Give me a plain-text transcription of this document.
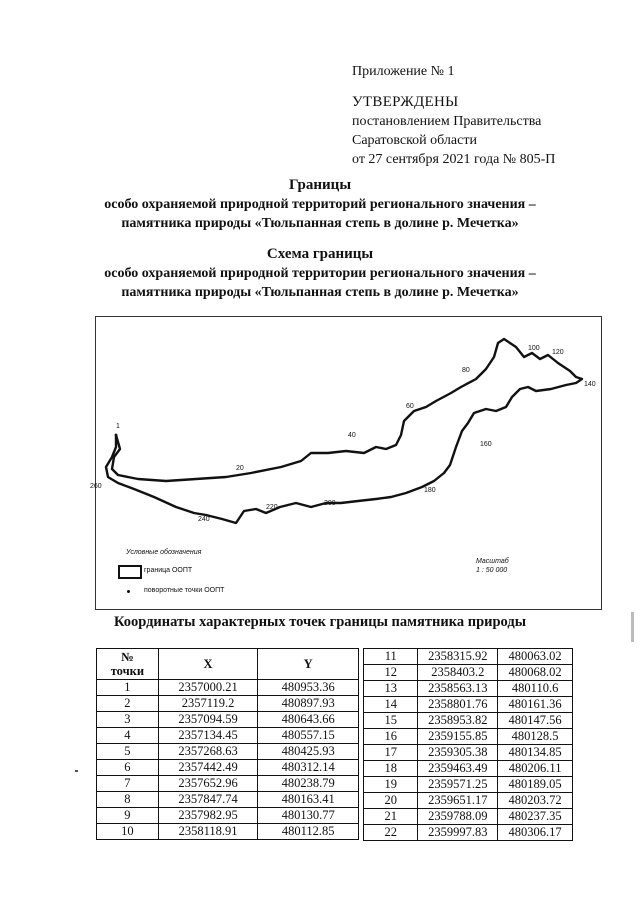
Приложение № 1
УТВЕРЖДЕНЫ
постановлением Правительства
Саратовской области
от 27 сентября 2021 года № 805-П
Границы
особо охраняемой природной территорий регионального значения –
памятника природы «Тюльпанная степь в долине р. Мечетка»
Схема границы
особо охраняемой природной территории регионального значения –
памятника природы «Тюльпанная степь в долине р. Мечетка»
1
20
40
60
80
100
120
140
160
180
200
220
240
260
Условные обозначения
граница ООПТ
поворотные точки ООПТ
Масштаб
1 : 50 000
Координаты характерных точек границы памятника природы
№
точки	X	Y
1	2357000.21	480953.36
2	2357119.2	480897.93
3	2357094.59	480643.66
4	2357134.45	480557.15
5	2357268.63	480425.93
6	2357442.49	480312.14
7	2357652.96	480238.79
8	2357847.74	480163.41
9	2357982.95	480130.77
10	2358118.91	480112.85
11	2358315.92	480063.02
12	2358403.2	480068.02
13	2358563.13	480110.6
14	2358801.76	480161.36
15	2358953.82	480147.56
16	2359155.85	480128.5
17	2359305.38	480134.85
18	2359463.49	480206.11
19	2359571.25	480189.05
20	2359651.17	480203.72
21	2359788.09	480237.35
22	2359997.83	480306.17
